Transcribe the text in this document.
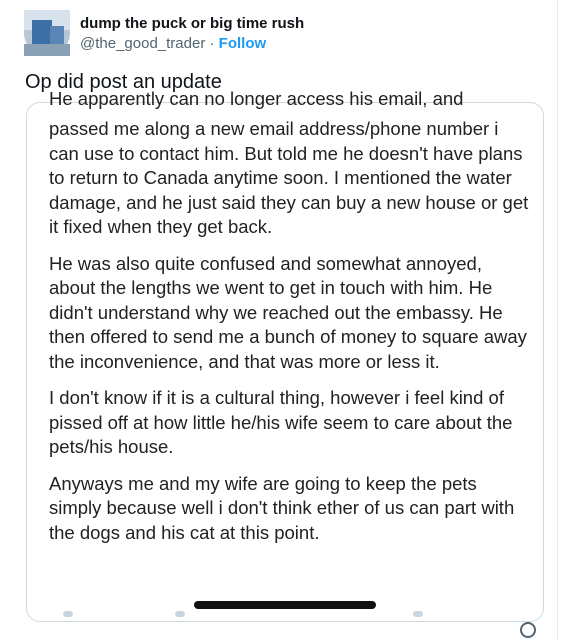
dump the puck or big time rush
@the_good_trader · Follow
Op did post an update
He apparently can no longer access his email, and

passed me along a new email address/phone number i can use to contact him. But told me he doesn't have plans to return to Canada anytime soon. I mentioned the water damage, and he just said they can buy a new house or get it fixed when they get back.

He was also quite confused and somewhat annoyed, about the lengths we went to get in touch with him. He didn't understand why we reached out the embassy. He then offered to send me a bunch of money to square away the inconvenience, and that was more or less it.

I don't know if it is a cultural thing, however i feel kind of pissed off at how little he/his wife seem to care about the pets/his house.

Anyways me and my wife are going to keep the pets simply because well i don't think ether of us can part with the dogs and his cat at this point.
